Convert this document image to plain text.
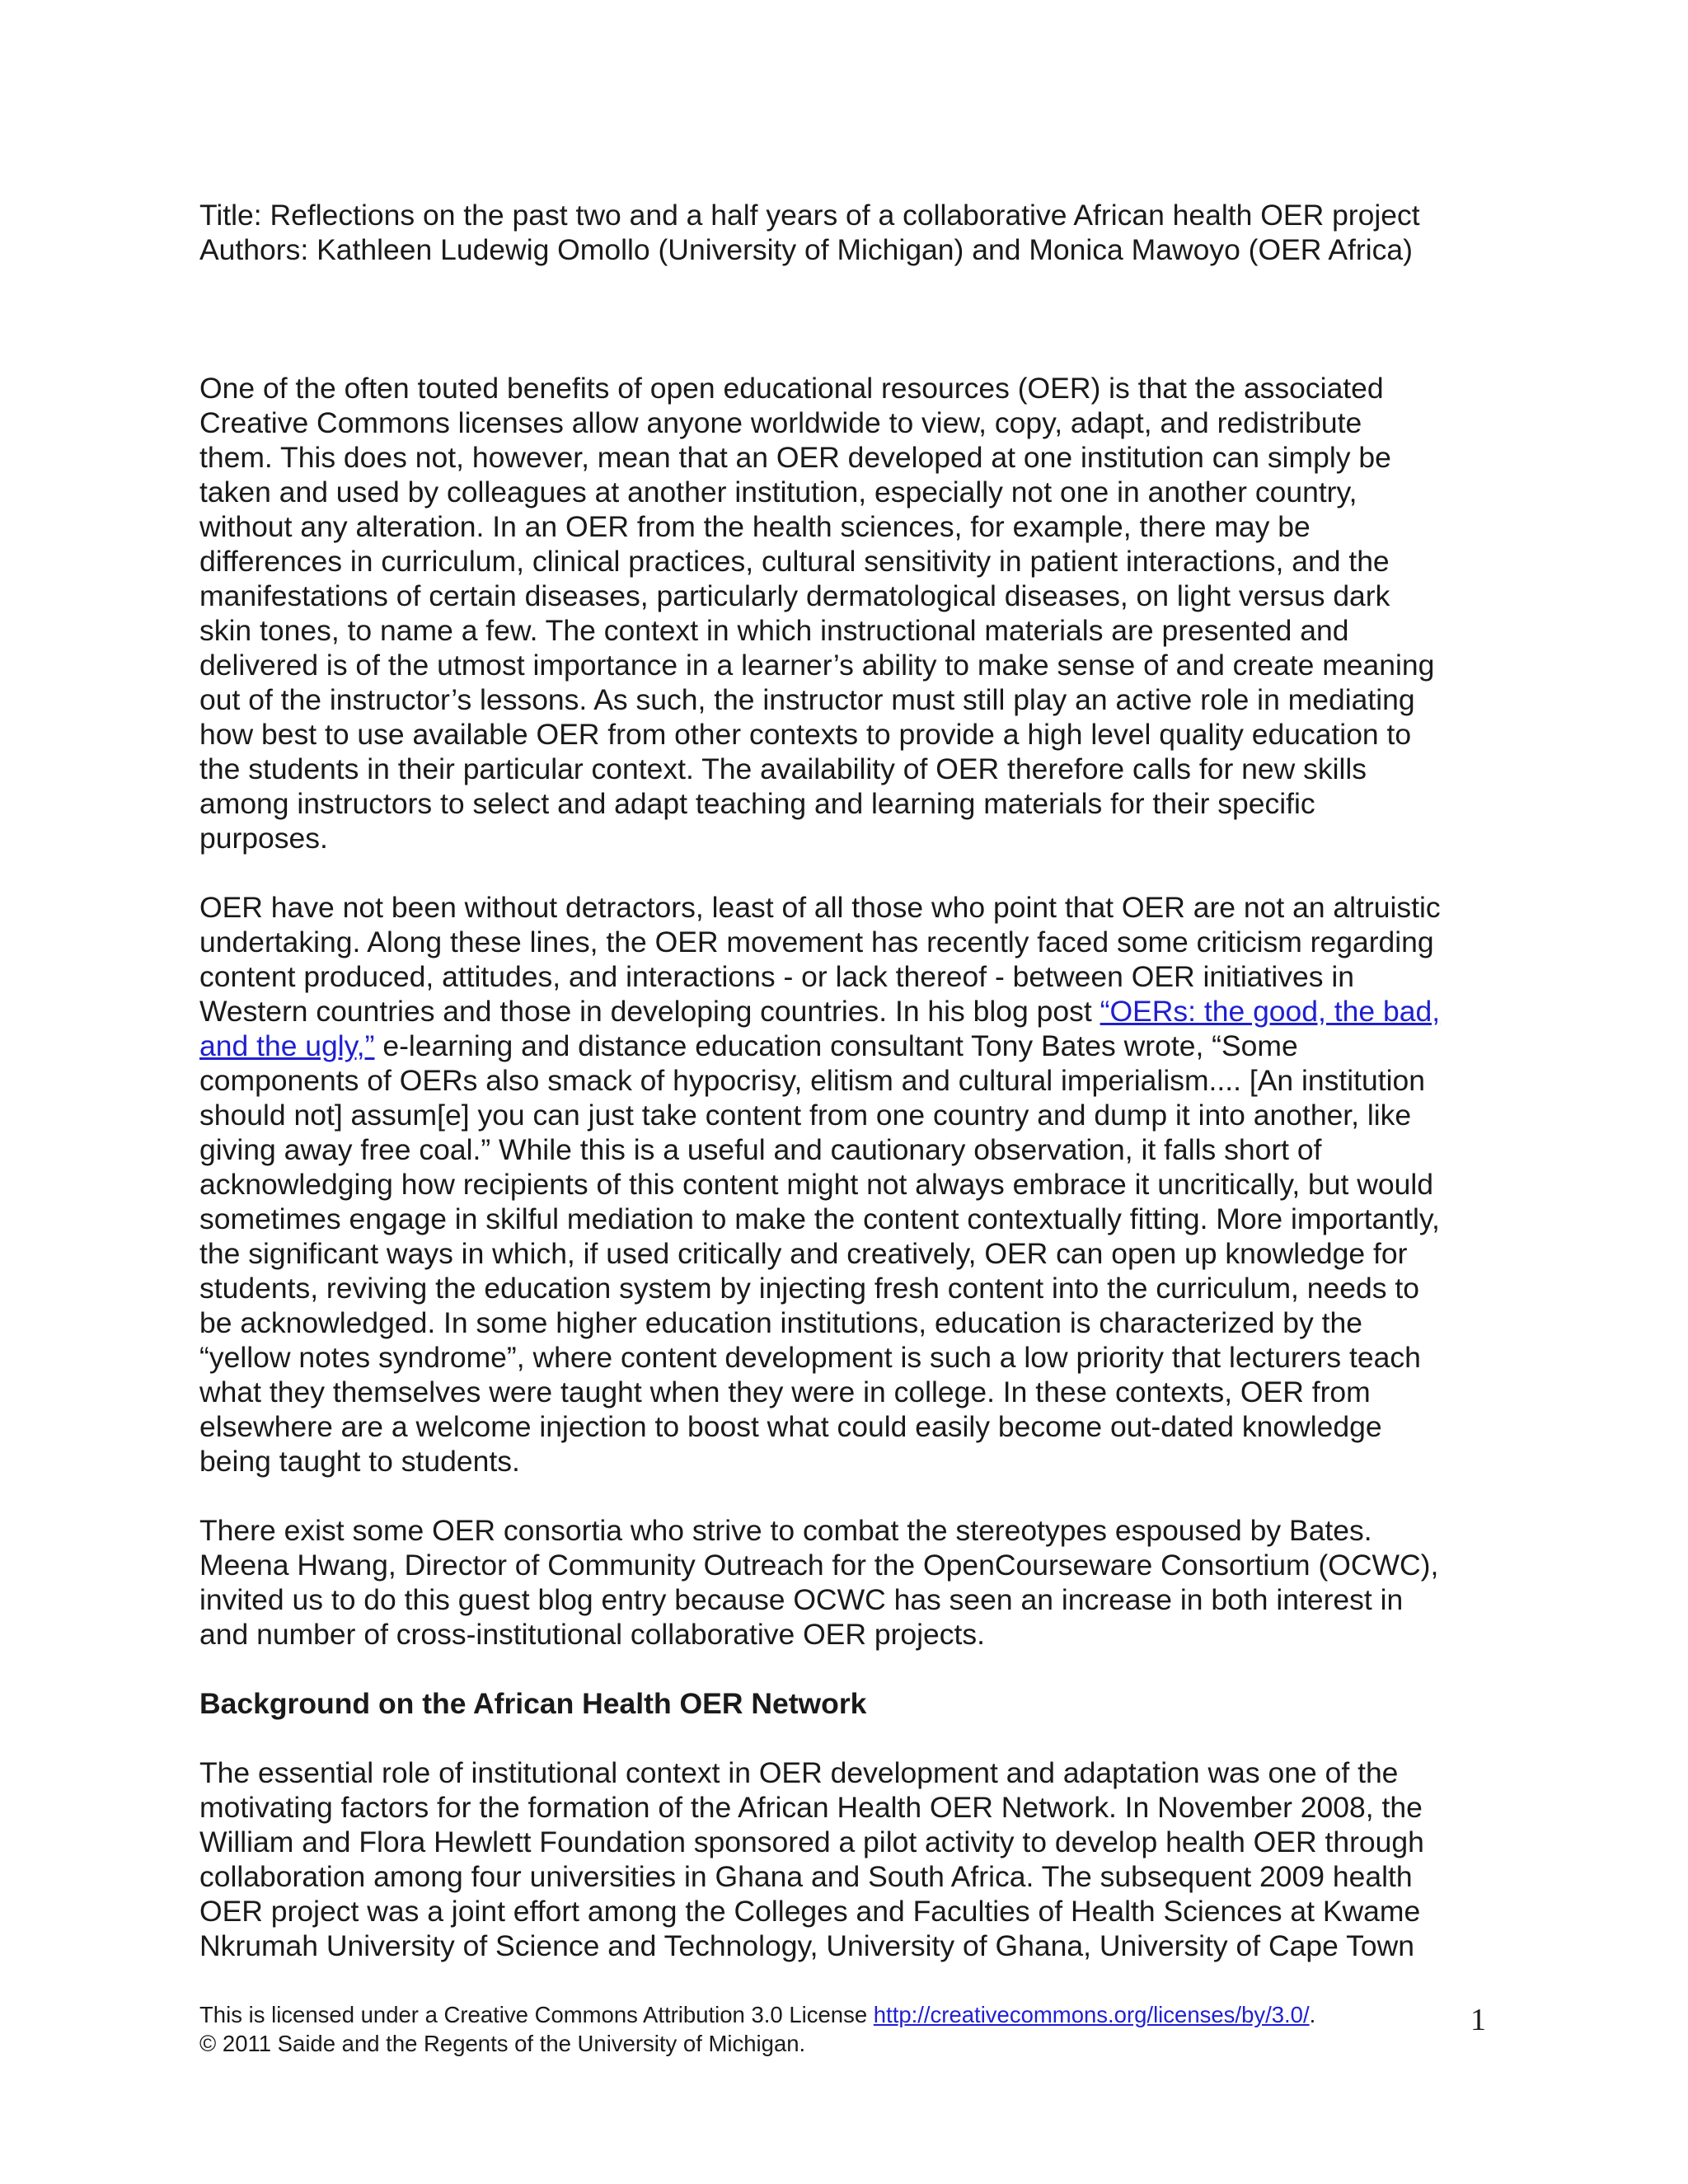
Title: Reflections on the past two and a half years of a collaborative African health OER project
Authors: Kathleen Ludewig Omollo (University of Michigan) and Monica Mawoyo (OER Africa)
One of the often touted benefits of open educational resources (OER) is that the associated
Creative Commons licenses allow anyone worldwide to view, copy, adapt, and redistribute
them. This does not, however, mean that an OER developed at one institution can simply be
taken and used by colleagues at another institution, especially not one in another country,
without any alteration. In an OER from the health sciences, for example, there may be
differences in curriculum, clinical practices, cultural sensitivity in patient interactions, and the
manifestations of certain diseases, particularly dermatological diseases, on light versus dark
skin tones, to name a few. The context in which instructional materials are presented and
delivered is of the utmost importance in a learner’s ability to make sense of and create meaning
out of the instructor’s lessons. As such, the instructor must still play an active role in mediating
how best to use available OER from other contexts to provide a high level quality education to
the students in their particular context. The availability of OER therefore calls for new skills
among instructors to select and adapt teaching and learning materials for their specific
purposes.
OER have not been without detractors, least of all those who point that OER are not an altruistic
undertaking. Along these lines, the OER movement has recently faced some criticism regarding
content produced, attitudes, and interactions - or lack thereof - between OER initiatives in
Western countries and those in developing countries. In his blog post “OERs: the good, the bad,
and the ugly,” e-learning and distance education consultant Tony Bates wrote, “Some
components of OERs also smack of hypocrisy, elitism and cultural imperialism.... [An institution
should not] assum[e] you can just take content from one country and dump it into another, like
giving away free coal.” While this is a useful and cautionary observation, it falls short of
acknowledging how recipients of this content might not always embrace it uncritically, but would
sometimes engage in skilful mediation to make the content contextually fitting. More importantly,
the significant ways in which, if used critically and creatively, OER can open up knowledge for
students, reviving the education system by injecting fresh content into the curriculum, needs to
be acknowledged. In some higher education institutions, education is characterized by the
“yellow notes syndrome”, where content development is such a low priority that lecturers teach
what they themselves were taught when they were in college. In these contexts, OER from
elsewhere are a welcome injection to boost what could easily become out-dated knowledge
being taught to students.
There exist some OER consortia who strive to combat the stereotypes espoused by Bates.
Meena Hwang, Director of Community Outreach for the OpenCourseware Consortium (OCWC),
invited us to do this guest blog entry because OCWC has seen an increase in both interest in
and number of cross-institutional collaborative OER projects.
Background on the African Health OER Network
The essential role of institutional context in OER development and adaptation was one of the
motivating factors for the formation of the African Health OER Network. In November 2008, the
William and Flora Hewlett Foundation sponsored a pilot activity to develop health OER through
collaboration among four universities in Ghana and South Africa. The subsequent 2009 health
OER project was a joint effort among the Colleges and Faculties of Health Sciences at Kwame
Nkrumah University of Science and Technology, University of Ghana, University of Cape Town
This is licensed under a Creative Commons Attribution 3.0 License http://creativecommons.org/licenses/by/3.0/.
© 2011 Saide and the Regents of the University of Michigan.
1
